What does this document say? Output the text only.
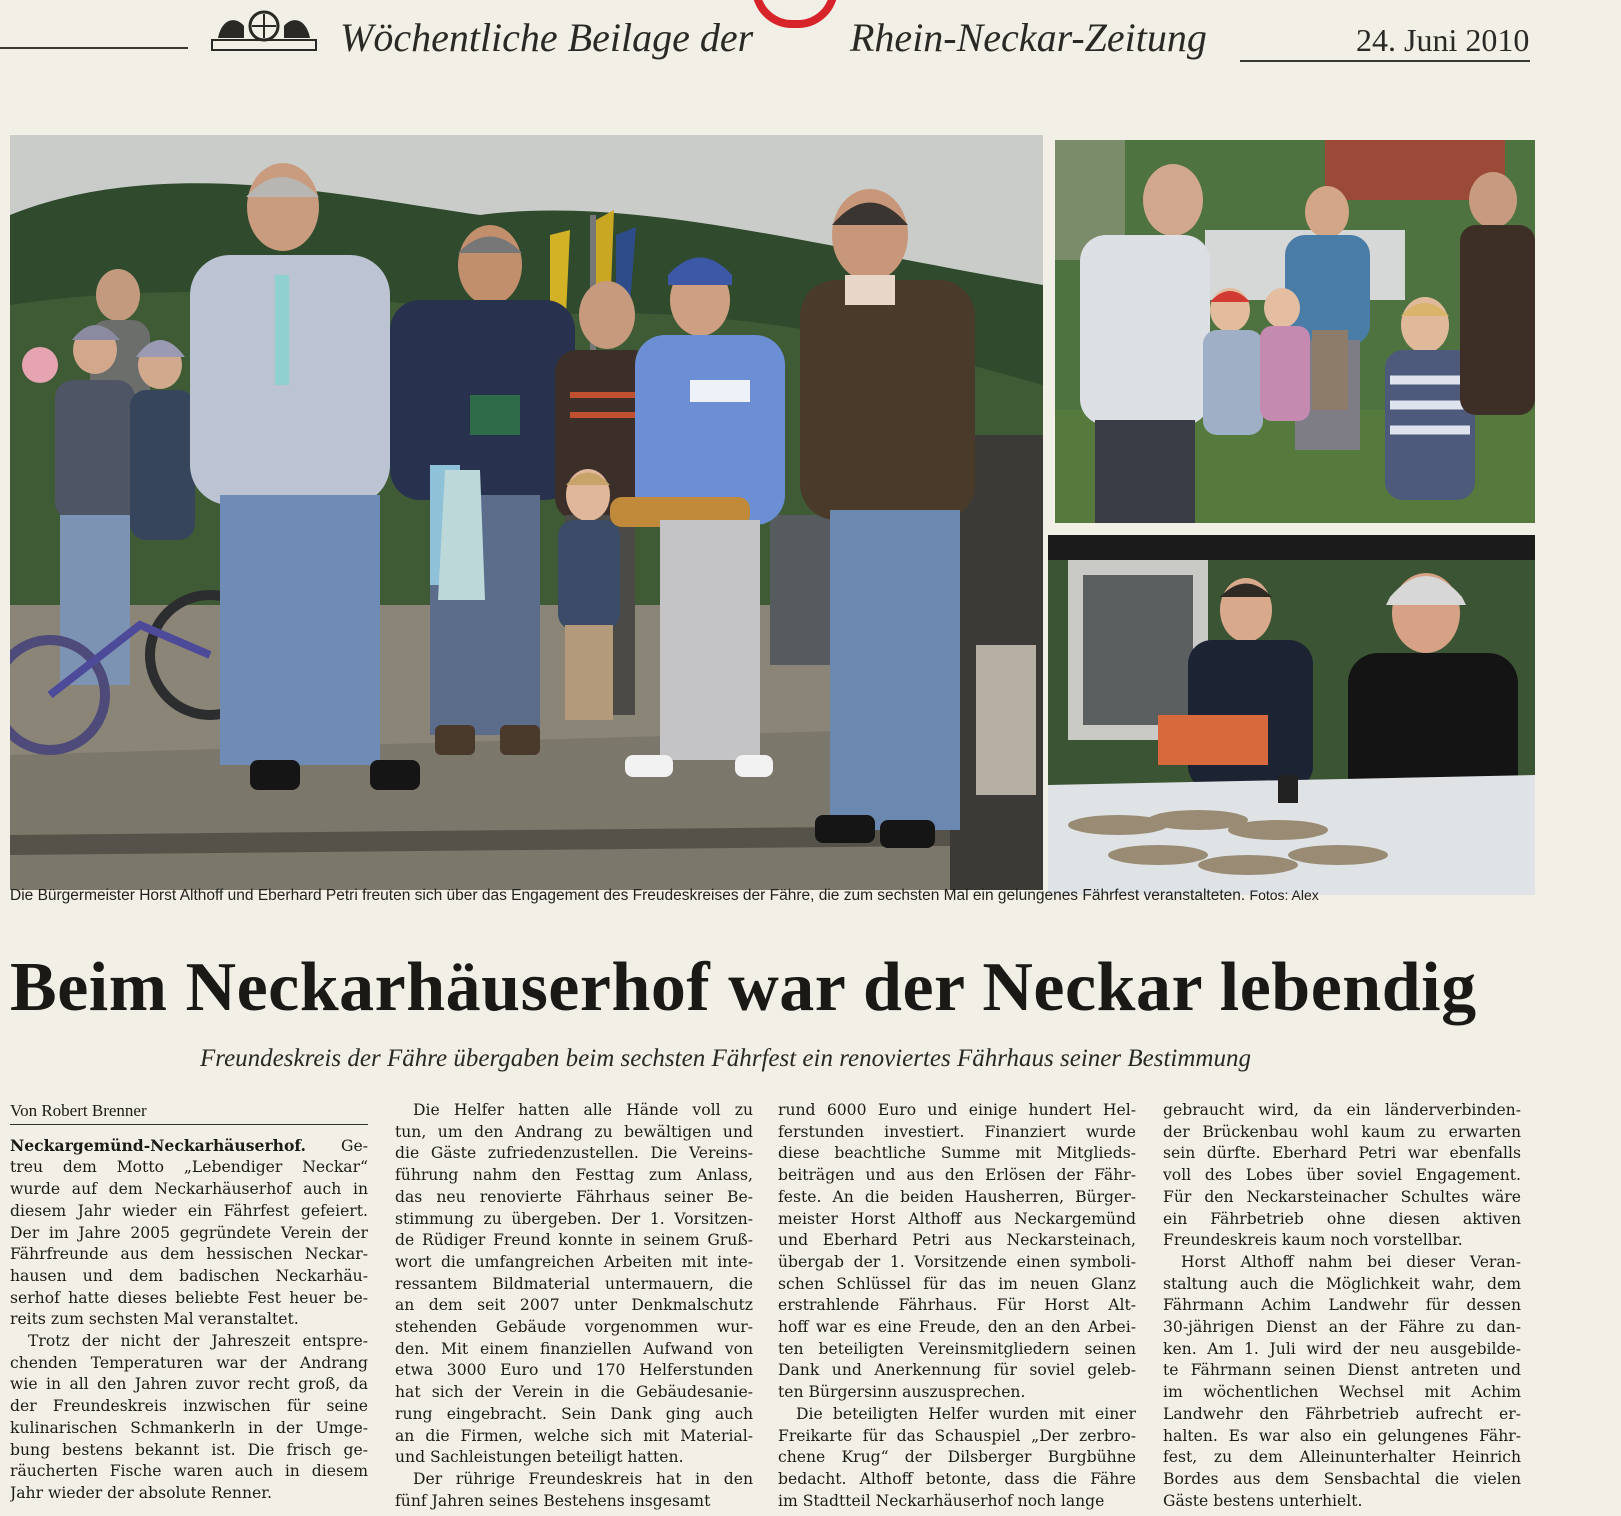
Wöchentliche Beilage der Rhein-Neckar-Zeitung	24. Juni 2010
Die Bürgermeister Horst Althoff und Eberhard Petri freuten sich über das Engagement des Freudeskreises der Fähre, die zum sechsten Mal ein gelungenes Fährfest veranstalteten. Fotos: Alex
Beim Neckarhäuserhof war der Neckar lebendig
Freundeskreis der Fähre übergaben beim sechsten Fährfest ein renoviertes Fährhaus seiner Bestimmung
Von Robert Brenner
Neckargemünd-Neckarhäuserhof. Ge-
treu dem Motto „Lebendiger Neckar“
wurde auf dem Neckarhäuserhof auch in
diesem Jahr wieder ein Fährfest gefeiert.
Der im Jahre 2005 gegründete Verein der
Fährfreunde aus dem hessischen Neckar-
hausen und dem badischen Neckarhäu-
serhof hatte dieses beliebte Fest heuer be-
reits zum sechsten Mal veranstaltet.
Trotz der nicht der Jahreszeit entspre-
chenden Temperaturen war der Andrang
wie in all den Jahren zuvor recht groß, da
der Freundeskreis inzwischen für seine
kulinarischen Schmankerln in der Umge-
bung bestens bekannt ist. Die frisch ge-
räucherten Fische waren auch in diesem
Jahr wieder der absolute Renner.
Die Helfer hatten alle Hände voll zu
tun, um den Andrang zu bewältigen und
die Gäste zufriedenzustellen. Die Vereins-
führung nahm den Festtag zum Anlass,
das neu renovierte Fährhaus seiner Be-
stimmung zu übergeben. Der 1. Vorsitzen-
de Rüdiger Freund konnte in seinem Gruß-
wort die umfangreichen Arbeiten mit inte-
ressantem Bildmaterial untermauern, die
an dem seit 2007 unter Denkmalschutz
stehenden Gebäude vorgenommen wur-
den. Mit einem finanziellen Aufwand von
etwa 3000 Euro und 170 Helferstunden
hat sich der Verein in die Gebäudesanie-
rung eingebracht. Sein Dank ging auch
an die Firmen, welche sich mit Material-
und Sachleistungen beteiligt hatten.
Der rührige Freundeskreis hat in den
fünf Jahren seines Bestehens insgesamt
rund 6000 Euro und einige hundert Hel-
ferstunden investiert. Finanziert wurde
diese beachtliche Summe mit Mitglieds-
beiträgen und aus den Erlösen der Fähr-
feste. An die beiden Hausherren, Bürger-
meister Horst Althoff aus Neckargemünd
und Eberhard Petri aus Neckarsteinach,
übergab der 1. Vorsitzende einen symboli-
schen Schlüssel für das im neuen Glanz
erstrahlende Fährhaus. Für Horst Alt-
hoff war es eine Freude, den an den Arbei-
ten beteiligten Vereinsmitgliedern seinen
Dank und Anerkennung für soviel geleb-
ten Bürgersinn auszusprechen.
Die beteiligten Helfer wurden mit einer
Freikarte für das Schauspiel „Der zerbro-
chene Krug“ der Dilsberger Burgbühne
bedacht. Althoff betonte, dass die Fähre
im Stadtteil Neckarhäuserhof noch lange
gebraucht wird, da ein länderverbinden-
der Brückenbau wohl kaum zu erwarten
sein dürfte. Eberhard Petri war ebenfalls
voll des Lobes über soviel Engagement.
Für den Neckarsteinacher Schultes wäre
ein Fährbetrieb ohne diesen aktiven
Freundeskreis kaum noch vorstellbar.
Horst Althoff nahm bei dieser Veran-
staltung auch die Möglichkeit wahr, dem
Fährmann Achim Landwehr für dessen
30-jährigen Dienst an der Fähre zu dan-
ken. Am 1. Juli wird der neu ausgebilde-
te Fährmann seinen Dienst antreten und
im wöchentlichen Wechsel mit Achim
Landwehr den Fährbetrieb aufrecht er-
halten. Es war also ein gelungenes Fähr-
fest, zu dem Alleinunterhalter Heinrich
Bordes aus dem Sensbachtal die vielen
Gäste bestens unterhielt.
